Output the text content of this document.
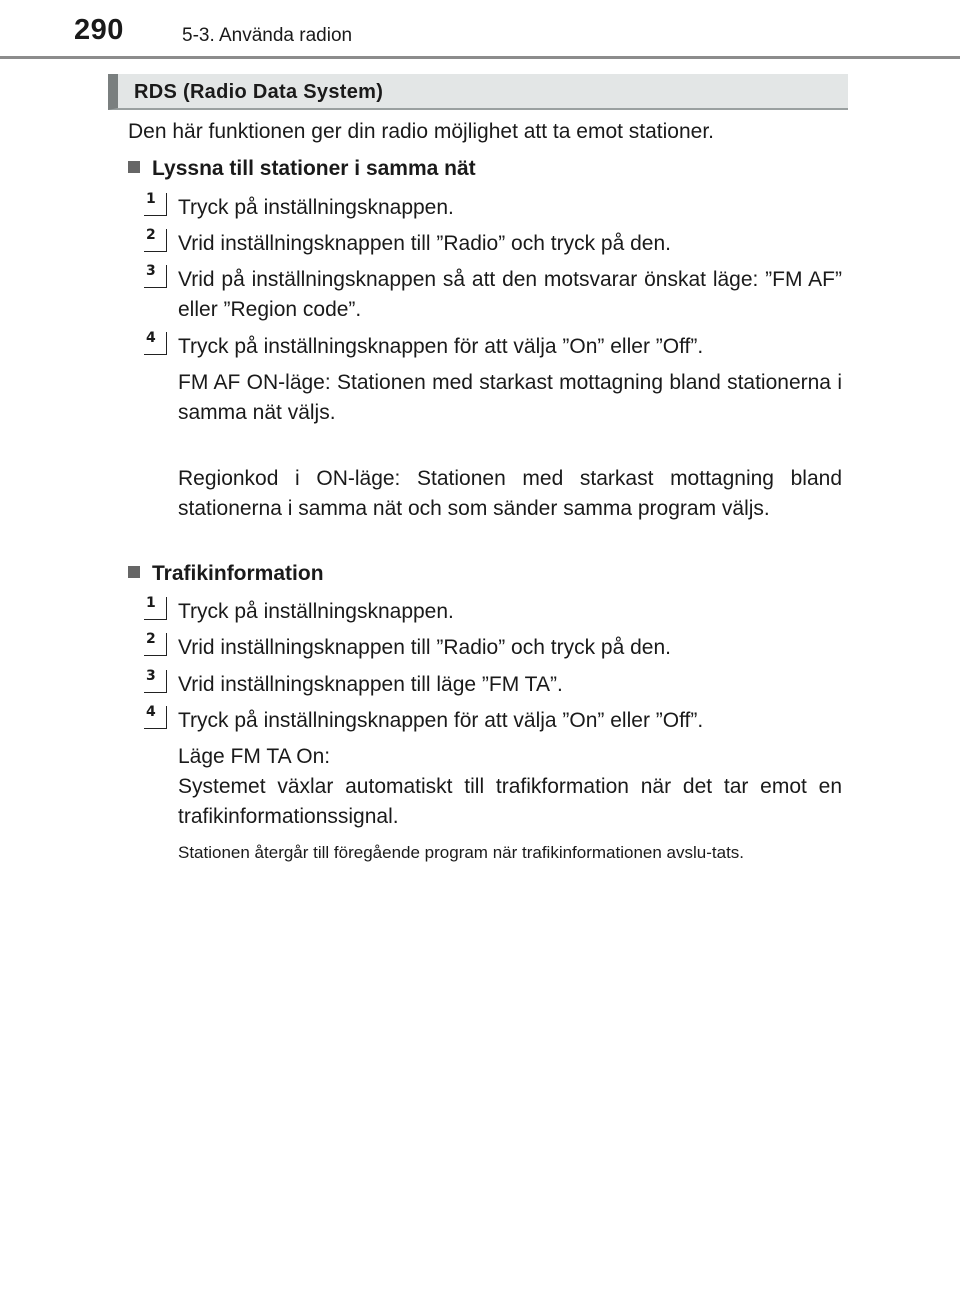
290	5-3. Använda radion
RDS (Radio Data System)
Den här funktionen ger din radio möjlighet att ta emot stationer.
Lyssna till stationer i samma nät
1 Tryck på inställningsknappen.
2 Vrid inställningsknappen till ”Radio” och tryck på den.
3 Vrid på inställningsknappen så att den motsvarar önskat läge: ”FM AF” eller ”Region code”.
4 Tryck på inställningsknappen för att välja ”On” eller ”Off”.
FM AF ON-läge: Stationen med starkast mottagning bland stationerna i samma nät väljs.
Regionkod i ON-läge: Stationen med starkast mottagning bland stationerna i samma nät och som sänder samma program väljs.
Trafikinformation
1 Tryck på inställningsknappen.
2 Vrid inställningsknappen till ”Radio” och tryck på den.
3 Vrid inställningsknappen till läge ”FM TA”.
4 Tryck på inställningsknappen för att välja ”On” eller ”Off”.
Läge FM TA On:
Systemet växlar automatiskt till trafikformation när det tar emot en trafikinformationssignal.
Stationen återgår till föregående program när trafikinformationen avslu-tats.
